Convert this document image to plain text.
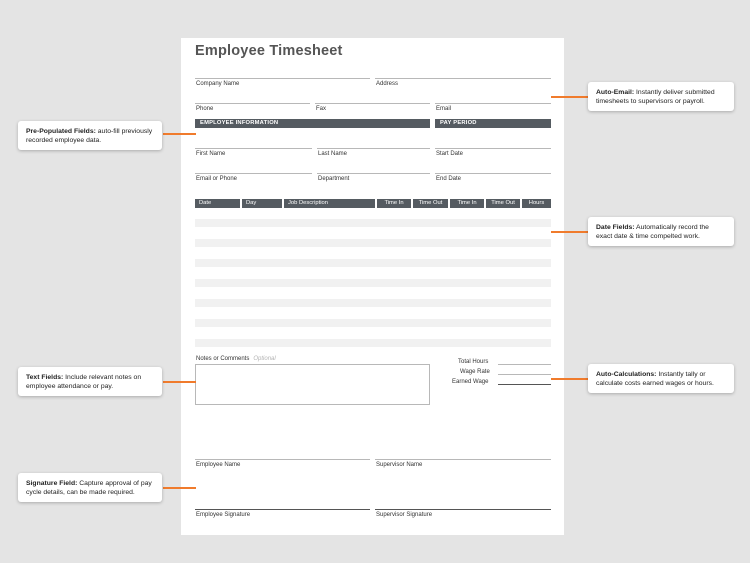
Employee Timesheet
Company Name	Address
Phone	Fax	Email
EMPLOYEE INFORMATION	PAY PERIOD
First Name	Last Name	Start Date
Email or Phone	Department	End Date
Date	Day	Job Description	Time In	Time Out	Time In	Time Out	Hours
Notes or Comments Optional	Total Hours
Wage Rate
Earned Wage
Employee Name	Supervisor Name
Employee Signature	Supervisor Signature
Pre-Populated Fields: auto-fill previously recorded employee data.
Text Fields: Include relevant notes on employee attendance or pay.
Signature Field: Capture approval of pay cycle details, can be made required.
Auto-Email: Instantly deliver submitted timesheets to supervisors or payroll.
Date Fields: Automatically record the exact date & time compelted work.
Auto-Calculations: Instantly tally or calculate costs earned wages or hours.
